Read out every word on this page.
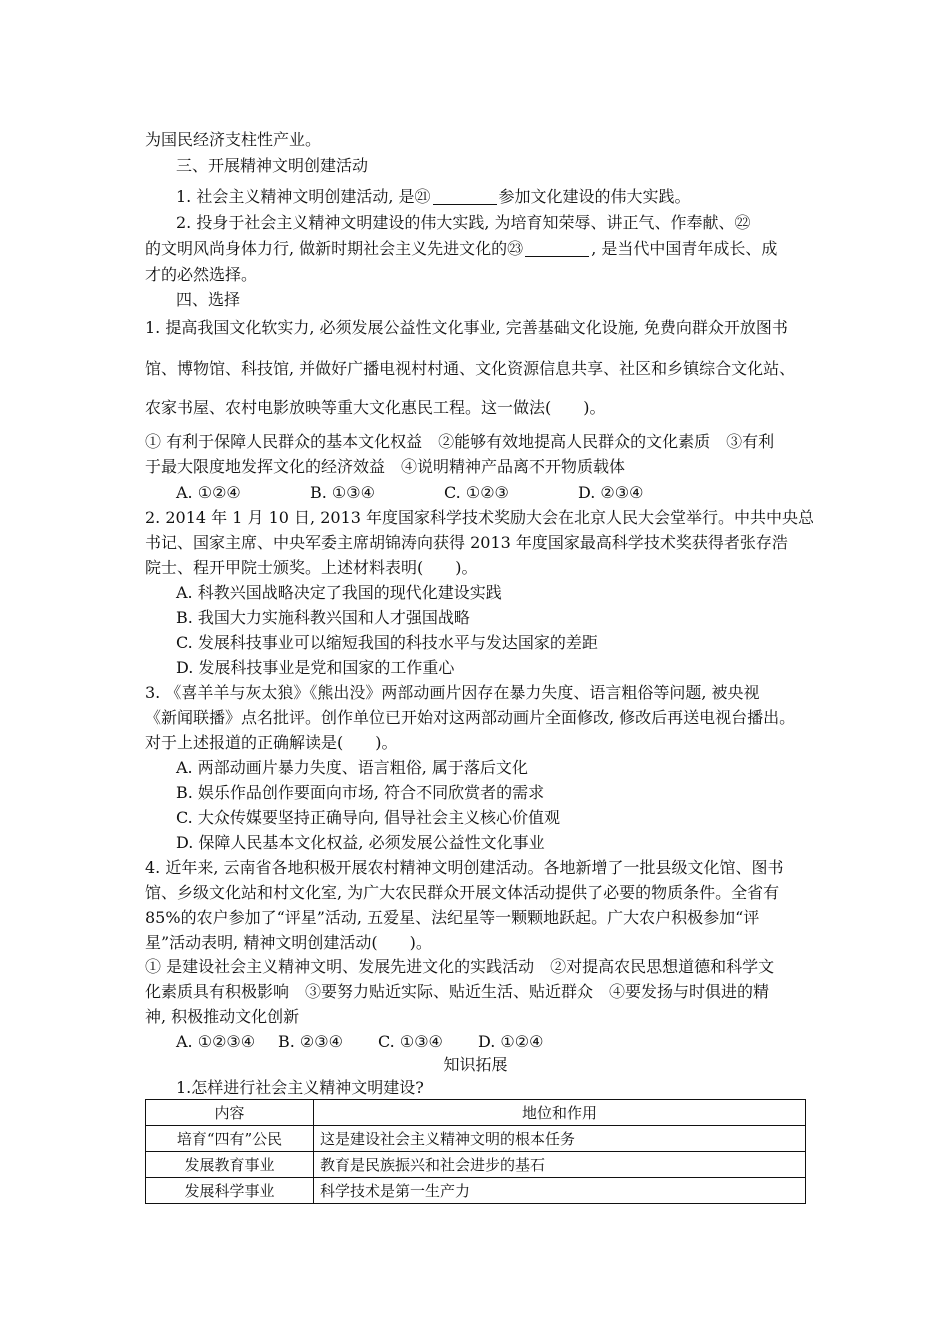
为国民经济支柱性产业。
三、开展精神文明创建活动
1. 社会主义精神文明创建活动, 是㉑	参加文化建设的伟大实践。
2. 投身于社会主义精神文明建设的伟大实践, 为培育知荣辱、讲正气、作奉献、㉒
的文明风尚身体力行, 做新时期社会主义先进文化的㉓	, 是当代中国青年成长、成
才的必然选择。
四、选择
1. 提高我国文化软实力, 必须发展公益性文化事业, 完善基础文化设施, 免费向群众开放图书
馆、博物馆、科技馆, 并做好广播电视村村通、文化资源信息共享、社区和乡镇综合文化站、
农家书屋、农村电影放映等重大文化惠民工程。这一做法(　　)。
① 有利于保障人民群众的基本文化权益　②能够有效地提高人民群众的文化素质　③有利
于最大限度地发挥文化的经济效益　④说明精神产品离不开物质载体
A. ①②④	B. ①③④	C. ①②③	D. ②③④
2. 2014 年 1 月 10 日, 2013 年度国家科学技术奖励大会在北京人民大会堂举行。中共中央总
书记、国家主席、中央军委主席胡锦涛向获得 2013 年度国家最高科学技术奖获得者张存浩
院士、程开甲院士颁奖。上述材料表明(　　)。
A. 科教兴国战略决定了我国的现代化建设实践
B. 我国大力实施科教兴国和人才强国战略
C. 发展科技事业可以缩短我国的科技水平与发达国家的差距
D. 发展科技事业是党和国家的工作重心
3. 《喜羊羊与灰太狼》《熊出没》两部动画片因存在暴力失度、语言粗俗等问题, 被央视
《新闻联播》点名批评。创作单位已开始对这两部动画片全面修改, 修改后再送电视台播出。
对于上述报道的正确解读是(　　)。
A. 两部动画片暴力失度、语言粗俗, 属于落后文化
B. 娱乐作品创作要面向市场, 符合不同欣赏者的需求
C. 大众传媒要坚持正确导向, 倡导社会主义核心价值观
D. 保障人民基本文化权益, 必须发展公益性文化事业
4. 近年来, 云南省各地积极开展农村精神文明创建活动。各地新增了一批县级文化馆、图书
馆、乡级文化站和村文化室, 为广大农民群众开展文体活动提供了必要的物质条件。全省有
85%的农户参加了“评星”活动, 五爱星、法纪星等一颗颗地跃起。广大农户积极参加“评
星”活动表明, 精神文明创建活动(　　)。
① 是建设社会主义精神文明、发展先进文化的实践活动　②对提高农民思想道德和科学文
化素质具有积极影响　③要努力贴近实际、贴近生活、贴近群众　④要发扬与时俱进的精
神, 积极推动文化创新
A. ①②③④ B. ②③④ C. ①③④ D. ①②④
知识拓展
1.怎样进行社会主义精神文明建设?
内容	地位和作用
培育“四有”公民	这是建设社会主义精神文明的根本任务
发展教育事业	教育是民族振兴和社会进步的基石
发展科学事业	科学技术是第一生产力
